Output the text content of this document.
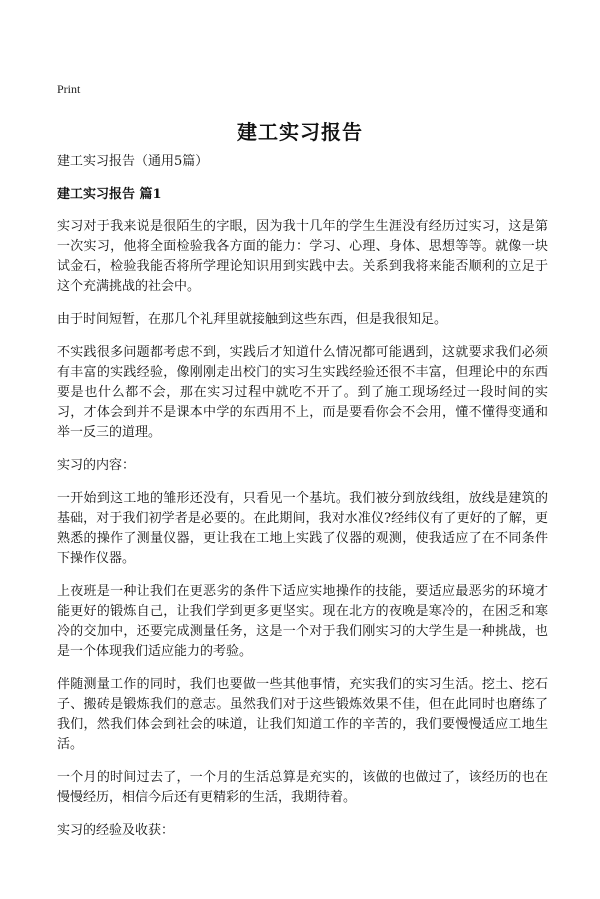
Print
建工实习报告
建工实习报告（通用5篇）
建工实习报告 篇1

实习对于我来说是很陌生的字眼，因为我十几年的学生生涯没有经历过实习，这是第一次实习，他将全面检验我各方面的能力：学习、心理、身体、思想等等。就像一块试金石，检验我能否将所学理论知识用到实践中去。关系到我将来能否顺利的立足于这个充满挑战的社会中。

由于时间短暂，在那几个礼拜里就接触到这些东西，但是我很知足。

不实践很多问题都考虑不到，实践后才知道什么情况都可能遇到，这就要求我们必须有丰富的实践经验，像刚刚走出校门的实习生实践经验还很不丰富，但理论中的东西要是也什么都不会，那在实习过程中就吃不开了。到了施工现场经过一段时间的实习，才体会到并不是课本中学的东西用不上，而是要看你会不会用，懂不懂得变通和举一反三的道理。

实习的内容：

一开始到这工地的雏形还没有，只看见一个基坑。我们被分到放线组，放线是建筑的基础，对于我们初学者是必要的。在此期间，我对水准仪?经纬仪有了更好的了解，更熟悉的操作了测量仪器，更让我在工地上实践了仪器的观测，使我适应了在不同条件下操作仪器。

上夜班是一种让我们在更恶劣的条件下适应实地操作的技能，要适应最恶劣的环境才能更好的锻炼自己，让我们学到更多更坚实。现在北方的夜晚是寒冷的，在困乏和寒冷的交加中，还要完成测量任务，这是一个对于我们刚实习的大学生是一种挑战，也是一个体现我们适应能力的考验。

伴随测量工作的同时，我们也要做一些其他事情，充实我们的实习生活。挖土、挖石子、搬砖是锻炼我们的意志。虽然我们对于这些锻炼效果不佳，但在此同时也磨练了我们，然我们体会到社会的味道，让我们知道工作的辛苦的，我们要慢慢适应工地生活。

一个月的时间过去了，一个月的生活总算是充实的，该做的也做过了，该经历的也在慢慢经历，相信今后还有更精彩的生活，我期待着。

实习的经验及收获：
